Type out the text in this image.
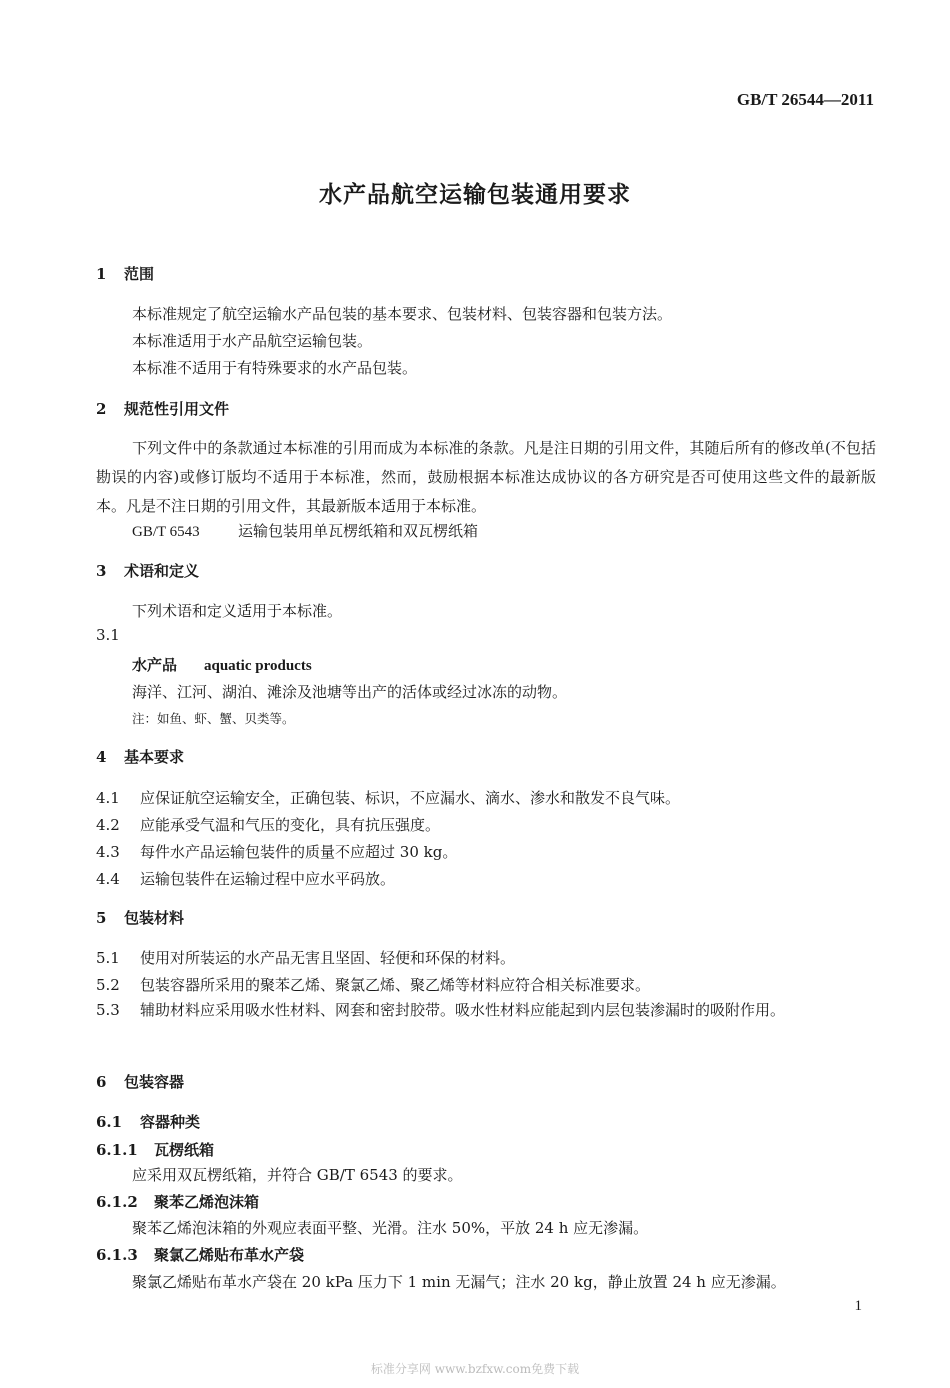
GB/T 26544—2011
水产品航空运输包装通用要求
1 范围
本标准规定了航空运输水产品包装的基本要求、包装材料、包装容器和包装方法。
本标准适用于水产品航空运输包装。
本标准不适用于有特殊要求的水产品包装。
2 规范性引用文件
下列文件中的条款通过本标准的引用而成为本标准的条款。凡是注日期的引用文件，其随后所有的修改单(不包括勘误的内容)或修订版均不适用于本标准，然而，鼓励根据本标准达成协议的各方研究是否可使用这些文件的最新版本。凡是不注日期的引用文件，其最新版本适用于本标准。
GB/T 6543	运输包装用单瓦楞纸箱和双瓦楞纸箱
3 术语和定义
下列术语和定义适用于本标准。
3.1
水产品 aquatic products
海洋、江河、湖泊、滩涂及池塘等出产的活体或经过冰冻的动物。
注：如鱼、虾、蟹、贝类等。
4 基本要求
4.1 应保证航空运输安全，正确包装、标识，不应漏水、滴水、渗水和散发不良气味。
4.2 应能承受气温和气压的变化，具有抗压强度。
4.3 每件水产品运输包装件的质量不应超过 30 kg。
4.4 运输包装件在运输过程中应水平码放。
5 包装材料
5.1 使用对所装运的水产品无害且坚固、轻便和环保的材料。
5.2 包装容器所采用的聚苯乙烯、聚氯乙烯、聚乙烯等材料应符合相关标准要求。
5.3 辅助材料应采用吸水性材料、网套和密封胶带。吸水性材料应能起到内层包装渗漏时的吸附作用。
6 包装容器
6.1 容器种类
6.1.1 瓦楞纸箱
应采用双瓦楞纸箱，并符合 GB/T 6543 的要求。
6.1.2 聚苯乙烯泡沫箱
聚苯乙烯泡沫箱的外观应表面平整、光滑。注水 50%，平放 24 h 应无渗漏。
6.1.3 聚氯乙烯贴布革水产袋
聚氯乙烯贴布革水产袋在 20 kPa 压力下 1 min 无漏气；注水 20 kg，静止放置 24 h 应无渗漏。
1
标准分享网 www.bzfxw.com免费下载
